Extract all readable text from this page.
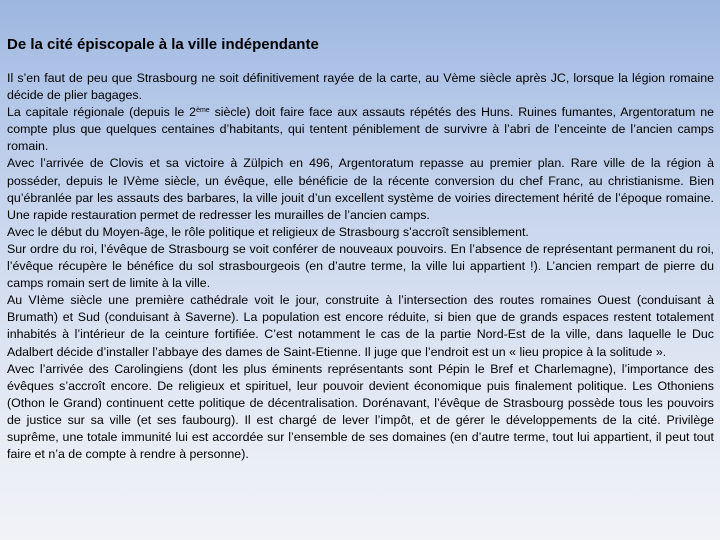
De la cité épiscopale à la ville indépendante

Il s’en faut de peu que Strasbourg ne soit définitivement rayée de la carte, au Vème siècle après JC, lorsque la légion romaine décide de plier bagages.

La capitale régionale (depuis le 2ème siècle) doit faire face aux assauts répétés des Huns. Ruines fumantes, Argentoratum ne compte plus que quelques centaines d’habitants, qui tentent péniblement de survivre à l’abri de l’enceinte de l’ancien camps romain.

Avec l’arrivée de Clovis et sa victoire à Zülpich en 496, Argentoratum repasse au premier plan. Rare ville de la région à posséder, depuis le IVème siècle, un évêque, elle bénéficie de la récente conversion du chef Franc, au christianisme. Bien qu’ébranlée par les assauts des barbares, la ville jouit d’un excellent système de voiries directement hérité de l’époque romaine. Une rapide restauration permet de redresser les murailles de l’ancien camps.

Avec le début du Moyen-âge, le rôle politique et religieux de Strasbourg s’accroît sensiblement.

Sur ordre du roi, l’évêque de Strasbourg se voit conférer de nouveaux pouvoirs. En l’absence de représentant permanent du roi, l’évêque récupère le bénéfice du sol strasbourgeois (en d’autre terme, la ville lui appartient !). L’ancien rempart de pierre du camps romain sert de limite à la ville.

Au VIème siècle une première cathédrale voit le jour, construite à l’intersection des routes romaines Ouest (conduisant à Brumath) et Sud (conduisant à Saverne). La population est encore réduite, si bien que de grands espaces restent totalement inhabités à l’intérieur de la ceinture fortifiée. C’est notamment le cas de la partie Nord-Est de la ville, dans laquelle le Duc Adalbert décide d’installer l’abbaye des dames de Saint-Etienne. Il juge que l’endroit est un « lieu propice à la solitude ».

Avec l’arrivée des Carolingiens (dont les plus éminents représentants sont Pépin le Bref et Charlemagne), l’importance des évêques s’accroît encore. De religieux et spirituel, leur pouvoir devient économique puis finalement politique. Les Othoniens (Othon le Grand) continuent cette politique de décentralisation. Dorénavant, l’évêque de Strasbourg possède tous les pouvoirs de justice sur sa ville (et ses faubourg). Il est chargé de lever l’impôt, et de gérer le développements de la cité. Privilège suprême, une totale immunité lui est accordée sur l’ensemble de ses domaines (en d’autre terme, tout lui appartient, il peut tout faire et n’a de compte à rendre à personne).
